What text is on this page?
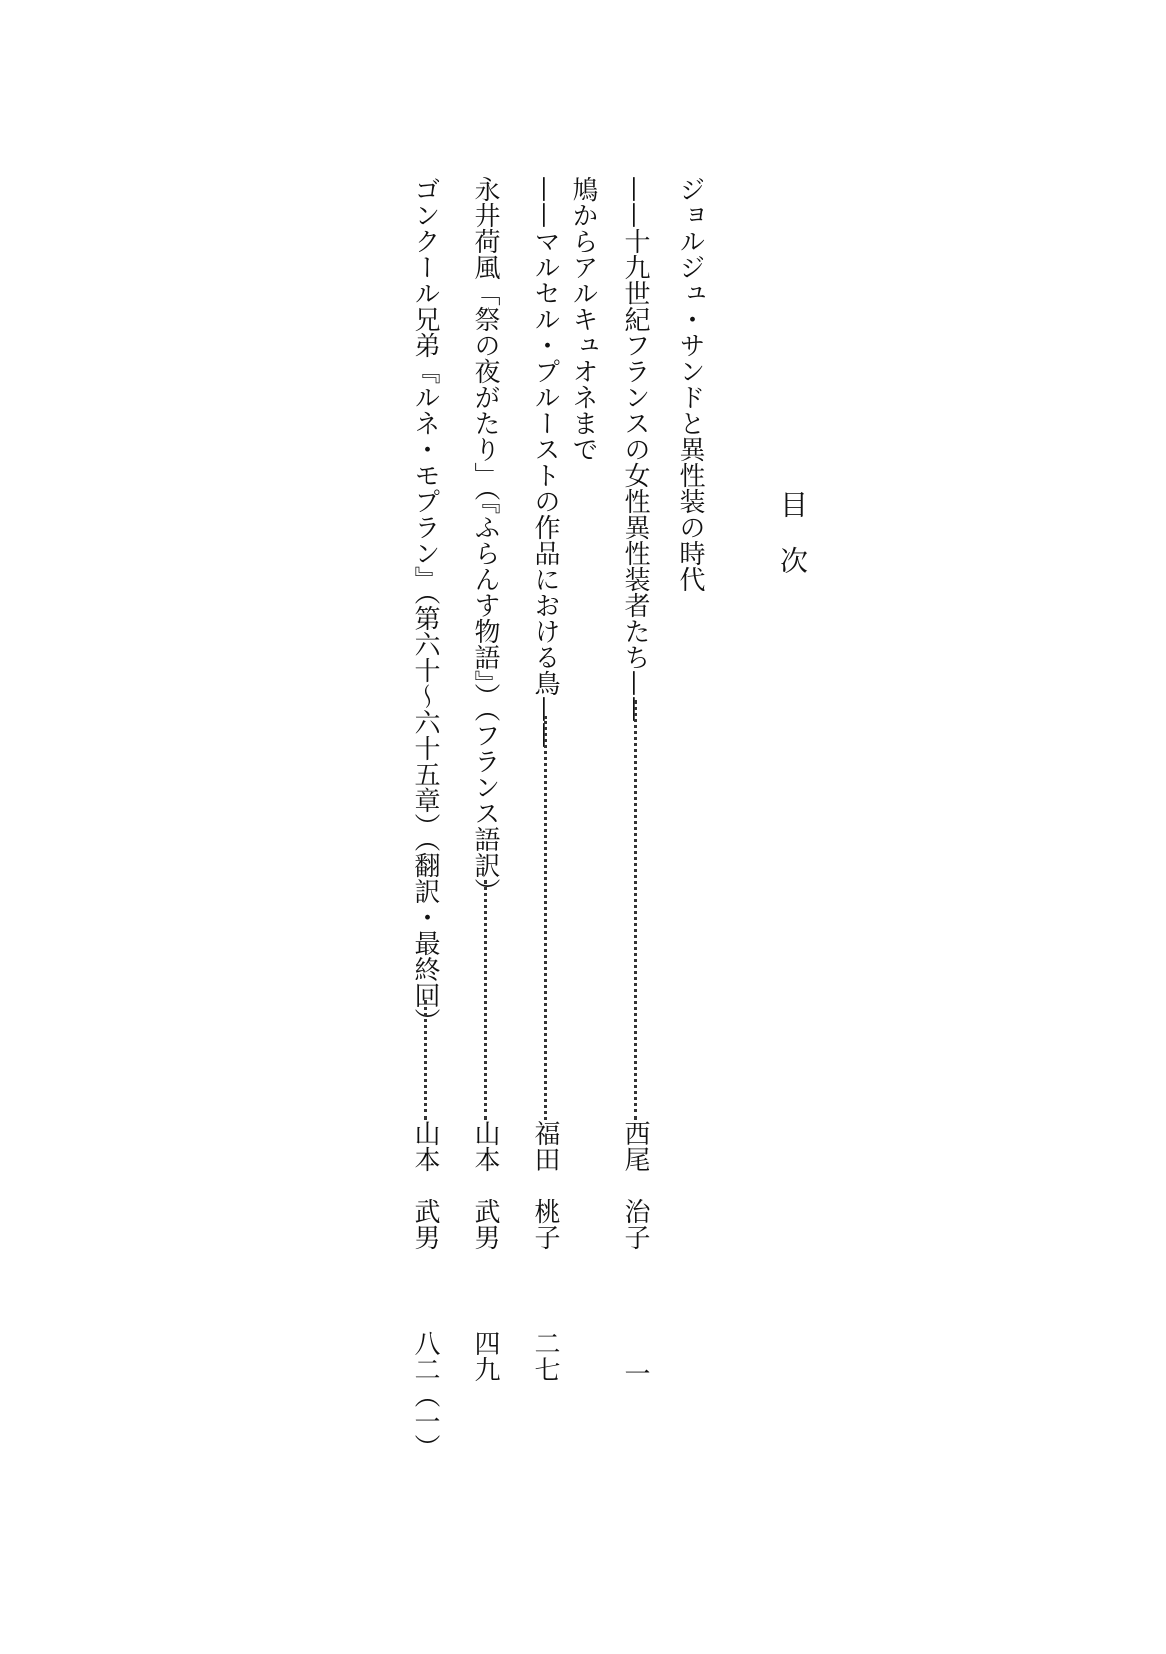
目　次
ジョルジュ・サンドと異性装の時代
——十九世紀フランスの女性異性装者たち——
西尾　治子
一
鳩からアルキュオネまで
——マルセル・プルーストの作品における鳥——
福田　桃子
二七
永井荷風「祭の夜がたり」（『ふらんす物語』）（フランス語訳）
山本　武男
四九
ゴンクール兄弟『ルネ・モプラン』（第六十〜六十五章）（翻訳・最終回）
山本　武男
八二（一）
